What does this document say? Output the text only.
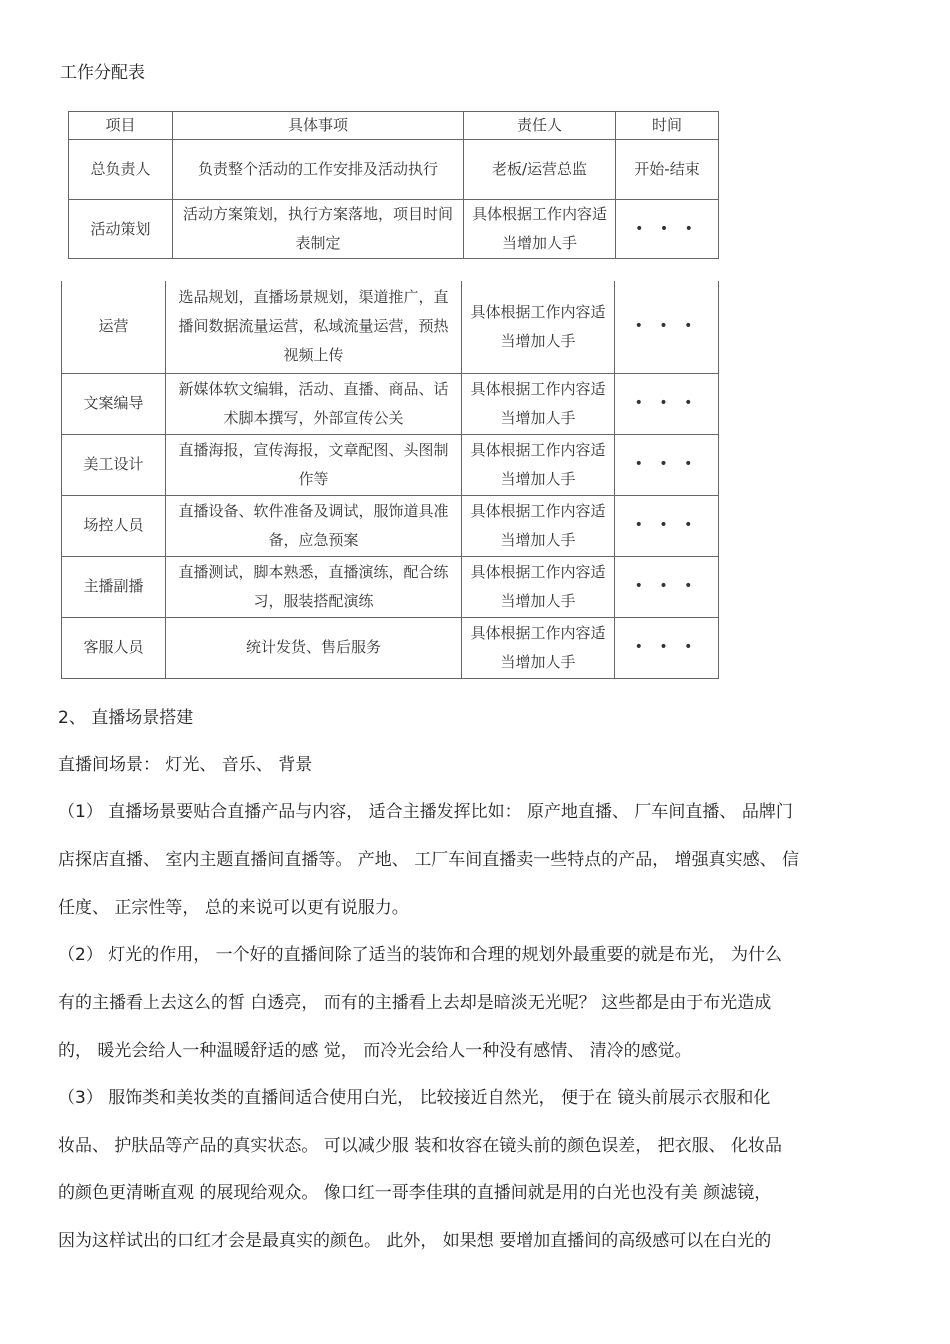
工作分配表
项目	具体事项	责任人	时间
总负责人	负责整个活动的工作安排及活动执行	老板/运营总监	开始-结束
活动策划	活动方案策划，执行方案落地，项目时间表制定	具体根据工作内容适当增加人手	• • •
运营	选品规划，直播场景规划，渠道推广，直播间数据流量运营，私域流量运营，预热视频上传	具体根据工作内容适当增加人手	• • •
文案编导	新媒体软文编辑，活动、直播、商品、话术脚本撰写，外部宣传公关	具体根据工作内容适当增加人手	• • •
美工设计	直播海报，宣传海报，文章配图、头图制作等	具体根据工作内容适当增加人手	• • •
场控人员	直播设备、软件准备及调试，服饰道具准备，应急预案	具体根据工作内容适当增加人手	• • •
主播副播	直播测试，脚本熟悉，直播演练，配合练习，服装搭配演练	具体根据工作内容适当增加人手	• • •
客服人员	统计发货、售后服务	具体根据工作内容适当增加人手	• • •

2、 直播场景搭建

直播间场景： 灯光、 音乐、 背景

（1） 直播场景要贴合直播产品与内容， 适合主播发挥比如： 原产地直播、 厂车间直播、 品牌门

店探店直播、 室内主题直播间直播等。 产地、 工厂车间直播卖一些特点的产品， 增强真实感、 信

任度、 正宗性等， 总的来说可以更有说服力。

（2） 灯光的作用， 一个好的直播间除了适当的装饰和合理的规划外最重要的就是布光， 为什么

有的主播看上去这么的皙 白透亮， 而有的主播看上去却是暗淡无光呢？ 这些都是由于布光造成

的， 暖光会给人一种温暖舒适的感 觉， 而冷光会给人一种没有感情、 清冷的感觉。

（3） 服饰类和美妆类的直播间适合使用白光， 比较接近自然光， 便于在 镜头前展示衣服和化

妆品、 护肤品等产品的真实状态。 可以减少服 装和妆容在镜头前的颜色误差， 把衣服、 化妆品

的颜色更清晰直观 的展现给观众。 像口红一哥李佳琪的直播间就是用的白光也没有美 颜滤镜，

因为这样试出的口红才会是最真实的颜色。 此外， 如果想 要增加直播间的高级感可以在白光的
